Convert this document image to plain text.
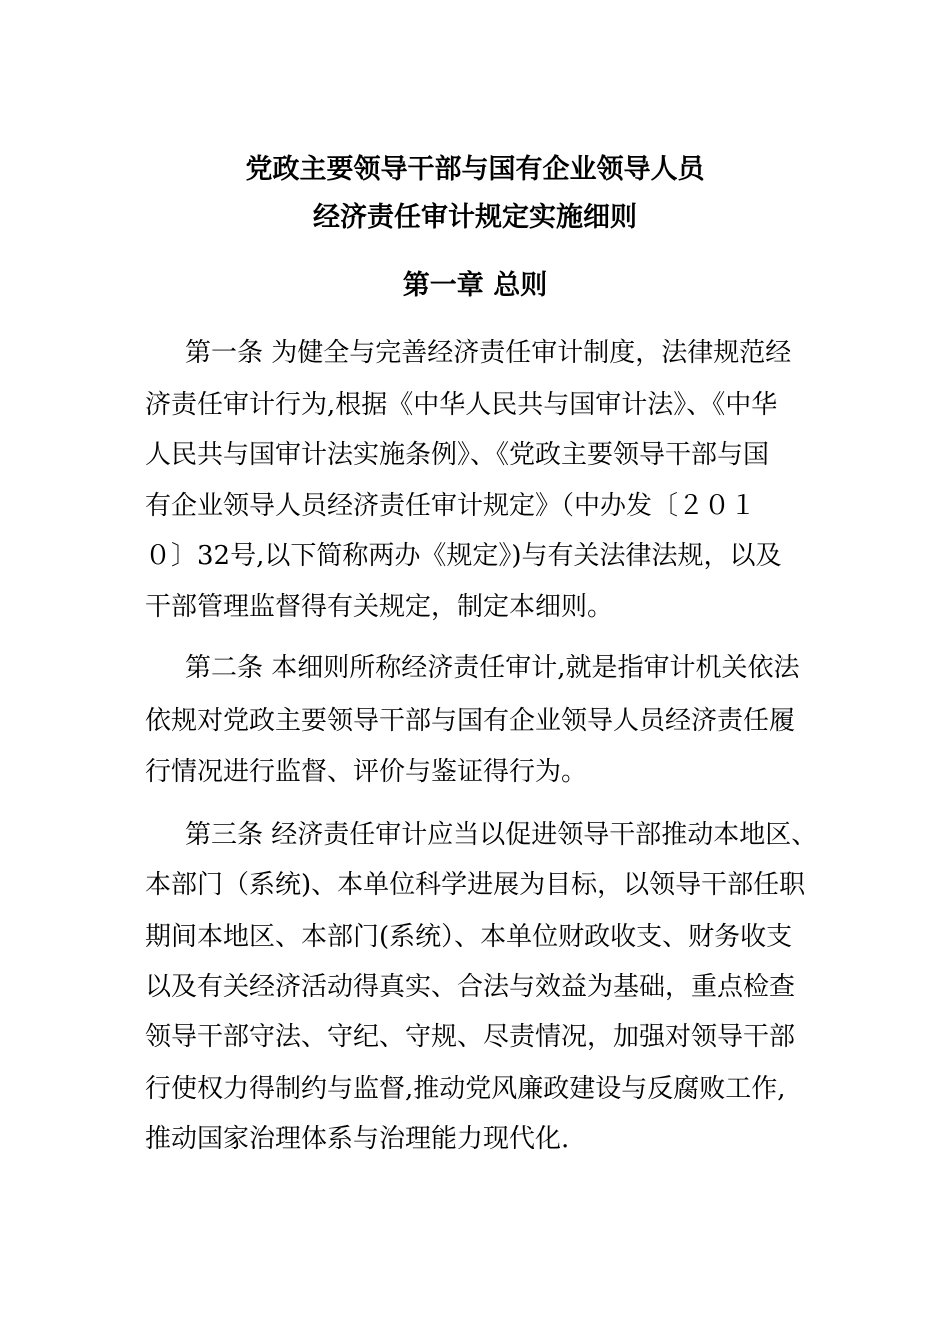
党政主要领导干部与国有企业领导人员
经济责任审计规定实施细则
第一章 总则
第一条 为健全与完善经济责任审计制度，法律规范经
济责任审计行为,根据《中华人民共与国审计法》、《中华
人民共与国审计法实施条例》、《党政主要领导干部与国
有企业领导人员经济责任审计规定》（中办发〔２０１
０〕32号,以下简称两办《规定》)与有关法律法规，以及
干部管理监督得有关规定，制定本细则。
第二条 本细则所称经济责任审计,就是指审计机关依法
依规对党政主要领导干部与国有企业领导人员经济责任履
行情况进行监督、评价与鉴证得行为。
第三条 经济责任审计应当以促进领导干部推动本地区、
本部门（系统)、本单位科学进展为目标，以领导干部任职
期间本地区、本部门(系统）、本单位财政收支、财务收支
以及有关经济活动得真实、合法与效益为基础，重点检查
领导干部守法、守纪、守规、尽责情况，加强对领导干部
行使权力得制约与监督,推动党风廉政建设与反腐败工作,
推动国家治理体系与治理能力现代化.
